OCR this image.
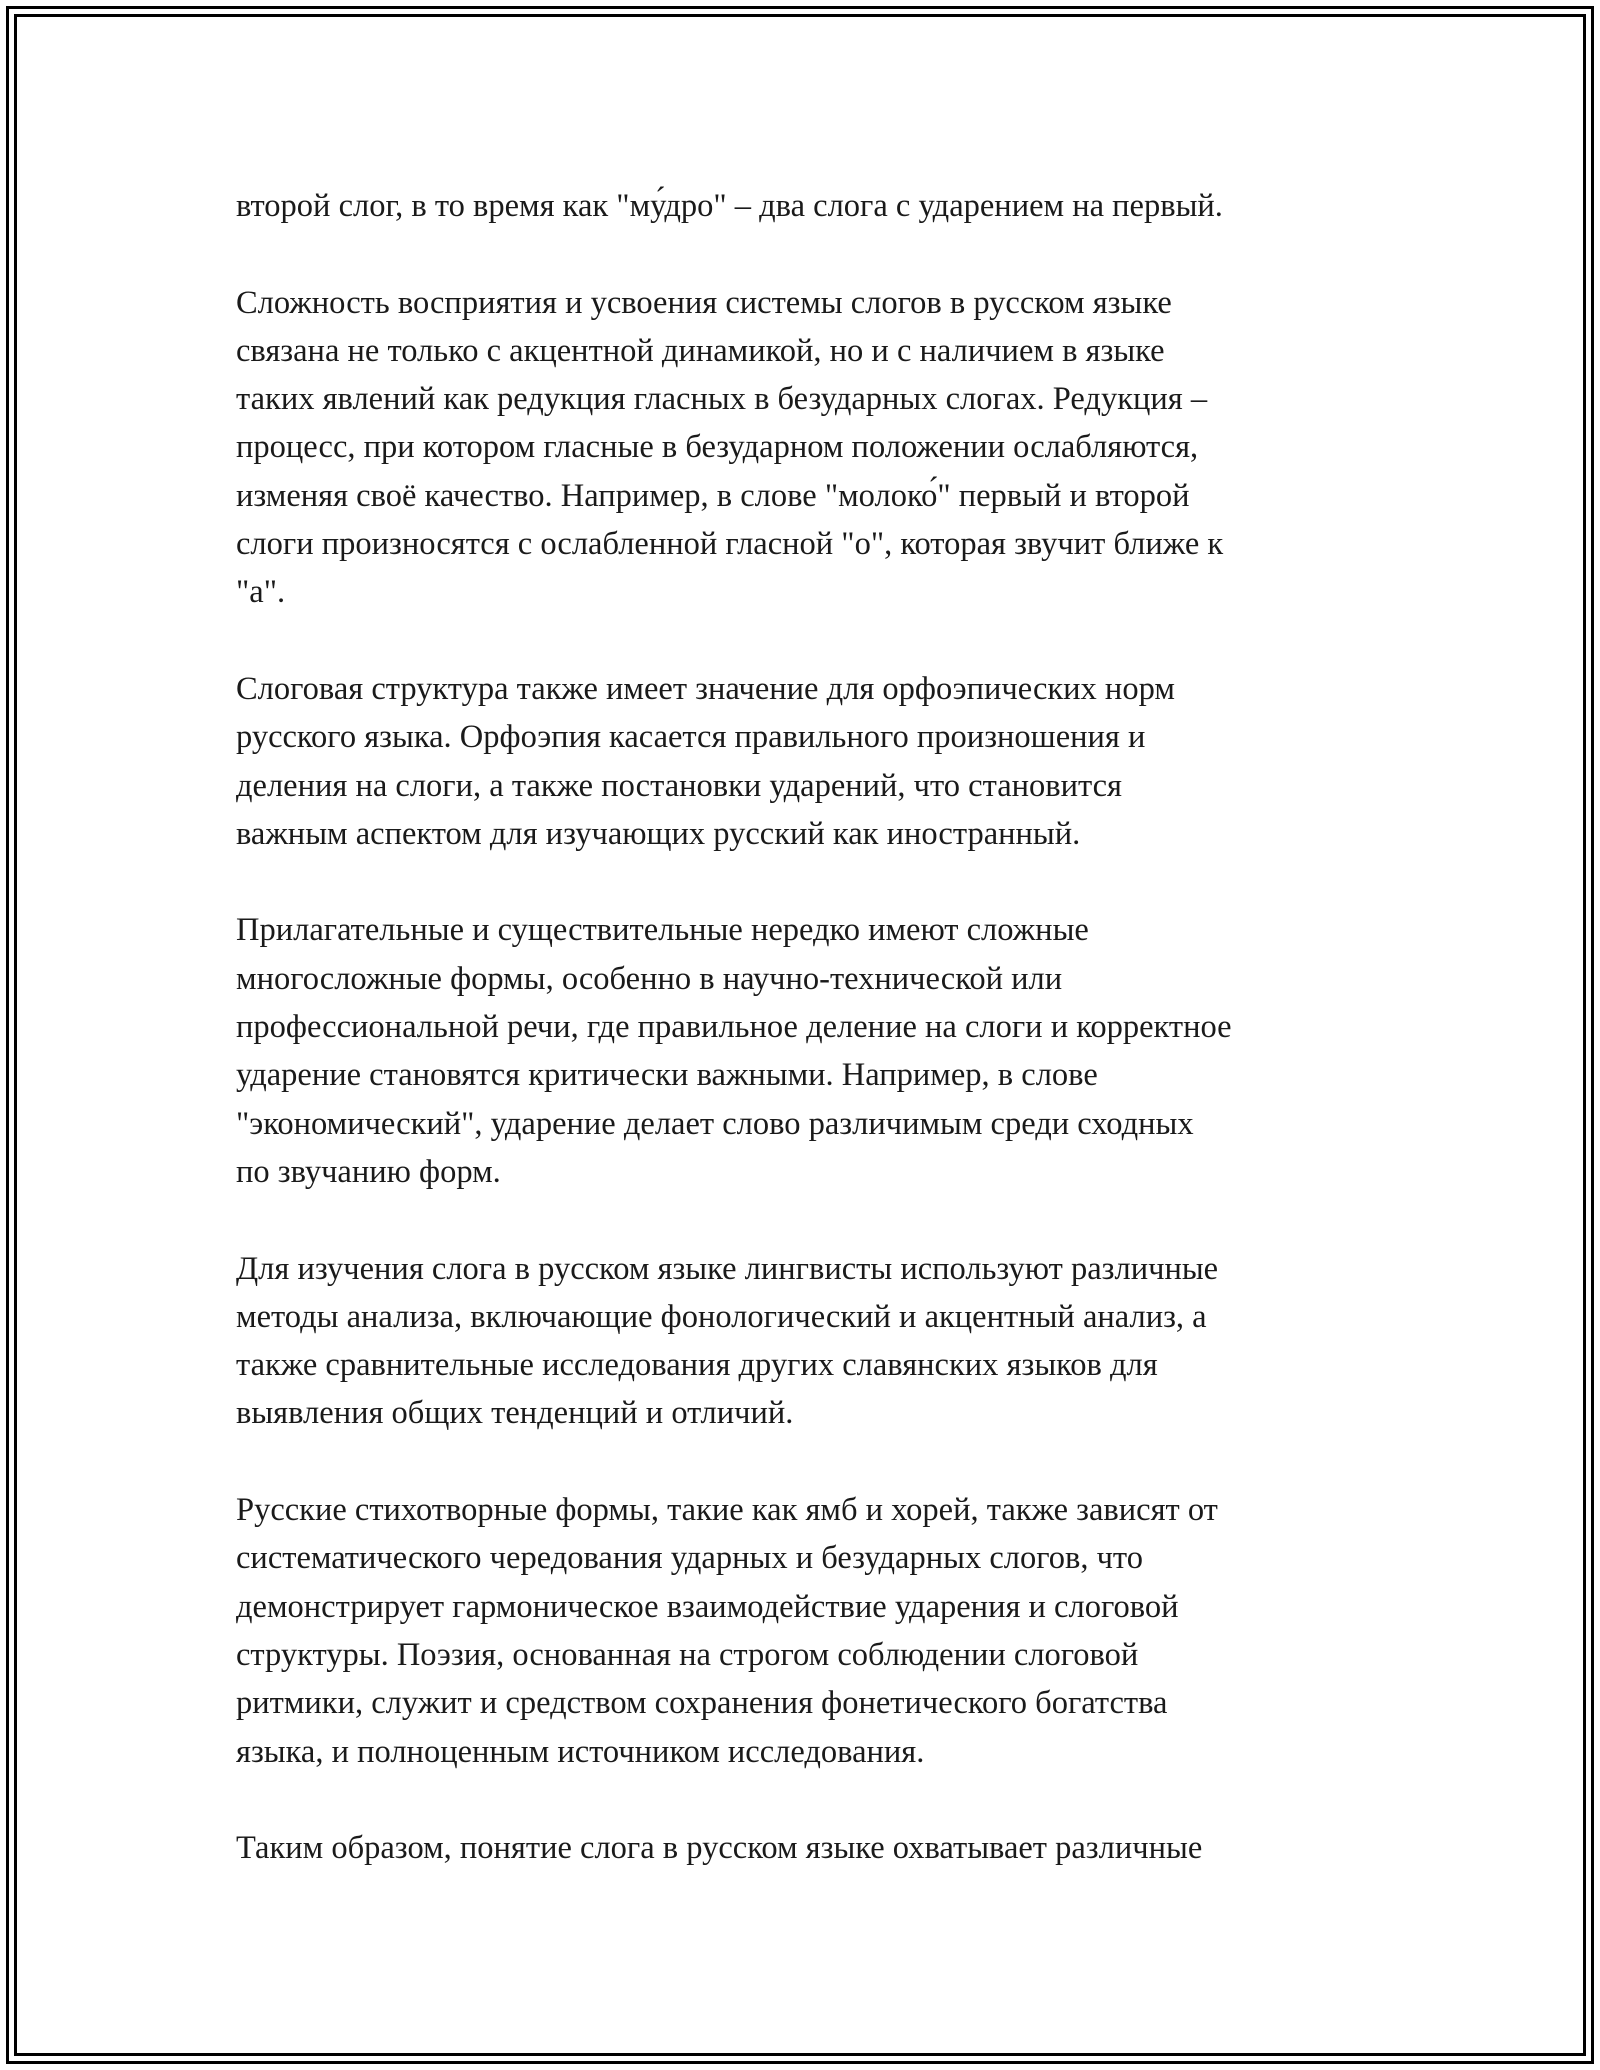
второй слог, в то время как "му́дро" – два слога с ударением на первый.

Сложность восприятия и усвоения системы слогов в русском языке
связана не только с акцентной динамикой, но и с наличием в языке
таких явлений как редукция гласных в безударных слогах. Редукция –
процесс, при котором гласные в безударном положении ослабляются,
изменяя своё качество. Например, в слове "молоко́" первый и второй
слоги произносятся с ослабленной гласной "о", которая звучит ближе к
"а".

Слоговая структура также имеет значение для орфоэпических норм
русского языка. Орфоэпия касается правильного произношения и
деления на слоги, а также постановки ударений, что становится
важным аспектом для изучающих русский как иностранный.

Прилагательные и существительные нередко имеют сложные
многосложные формы, особенно в научно-технической или
профессиональной речи, где правильное деление на слоги и корректное
ударение становятся критически важными. Например, в слове
"экономический", ударение делает слово различимым среди сходных
по звучанию форм.

Для изучения слога в русском языке лингвисты используют различные
методы анализа, включающие фонологический и акцентный анализ, а
также сравнительные исследования других славянских языков для
выявления общих тенденций и отличий.

Русские стихотворные формы, такие как ямб и хорей, также зависят от
систематического чередования ударных и безударных слогов, что
демонстрирует гармоническое взаимодействие ударения и слоговой
структуры. Поэзия, основанная на строгом соблюдении слоговой
ритмики, служит и средством сохранения фонетического богатства
языка, и полноценным источником исследования.

Таким образом, понятие слога в русском языке охватывает различные
